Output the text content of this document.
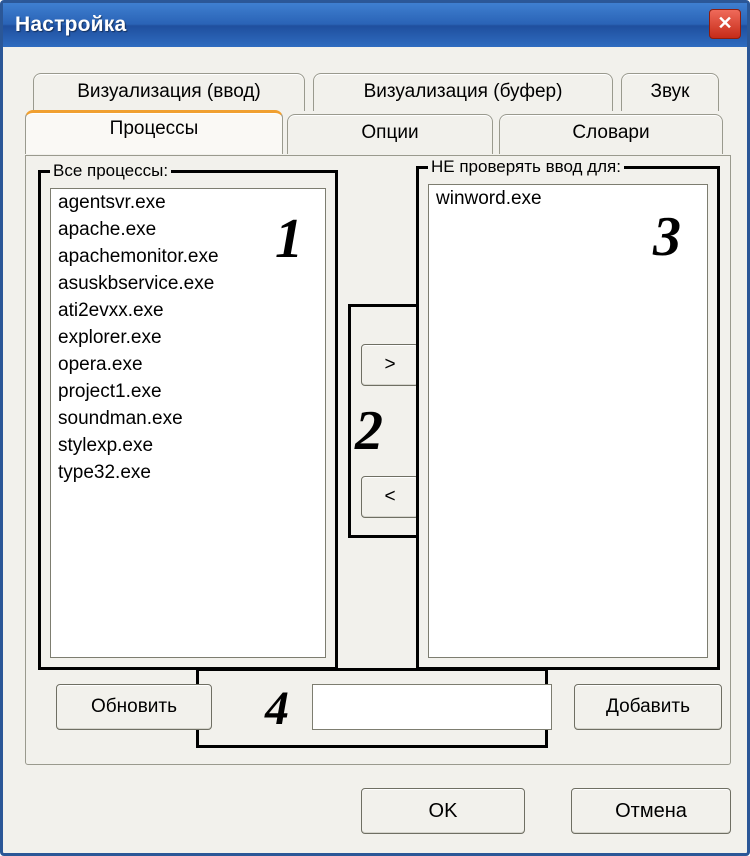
Настройка	✕
Визуализация (ввод)	Визуализация (буфер)	Звук
Процессы	Опции	Словари
Все процессы:
agentsvr.exe
apache.exe
apachemonitor.exe
asuskbservice.exe
ati2evxx.exe
explorer.exe
opera.exe
project1.exe
soundman.exe
stylexp.exe
type32.exe
>
<
НЕ проверять ввод для:
winword.exe
Обновить	Добавить
1
2
3
4
OK	Отмена
